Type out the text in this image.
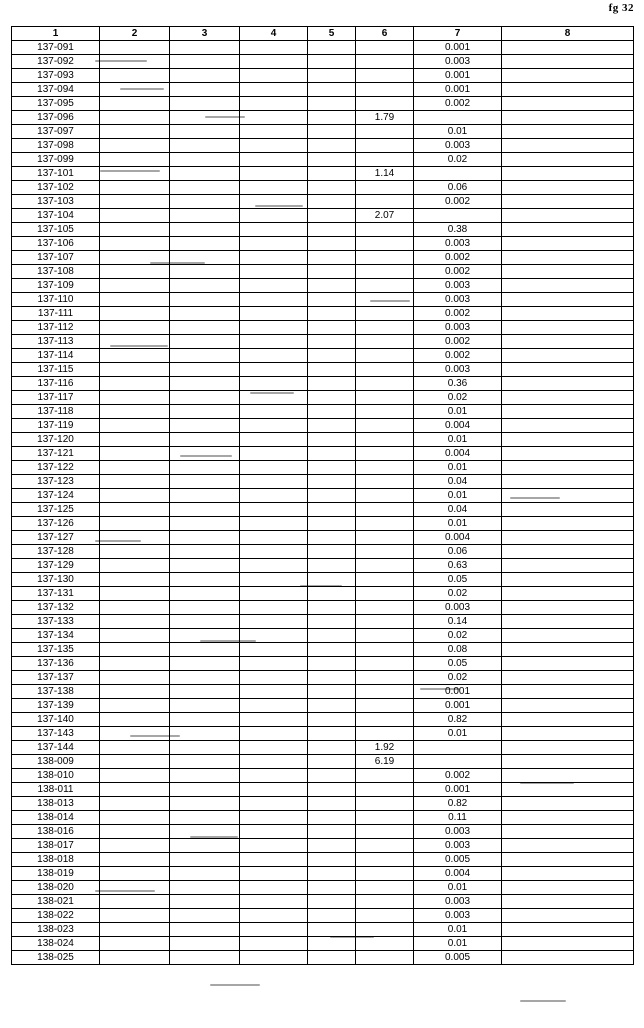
fg 32
1	2	3	4	5	6	7	8
137-091						0.001	
137-092						0.003	
137-093						0.001	
137-094						0.001	
137-095						0.002	
137-096					1.79		
137-097						0.01	
137-098						0.003	
137-099						0.02	
137-101					1.14		
137-102						0.06	
137-103						0.002	
137-104					2.07		
137-105						0.38	
137-106						0.003	
137-107						0.002	
137-108						0.002	
137-109						0.003	
137-110						0.003	
137-111						0.002	
137-112						0.003	
137-113						0.002	
137-114						0.002	
137-115						0.003	
137-116						0.36	
137-117						0.02	
137-118						0.01	
137-119						0.004	
137-120						0.01	
137-121						0.004	
137-122						0.01	
137-123						0.04	
137-124						0.01	
137-125						0.04	
137-126						0.01	
137-127						0.004	
137-128						0.06	
137-129						0.63	
137-130						0.05	
137-131						0.02	
137-132						0.003	
137-133						0.14	
137-134						0.02	
137-135						0.08	
137-136						0.05	
137-137						0.02	
137-138						0.001	
137-139						0.001	
137-140						0.82	
137-143						0.01	
137-144					1.92		
138-009					6.19		
138-010						0.002	
138-011						0.001	
138-013						0.82	
138-014						0.11	
138-016						0.003	
138-017						0.003	
138-018						0.005	
138-019						0.004	
138-020						0.01	
138-021						0.003	
138-022						0.003	
138-023						0.01	
138-024						0.01	
138-025						0.005	
